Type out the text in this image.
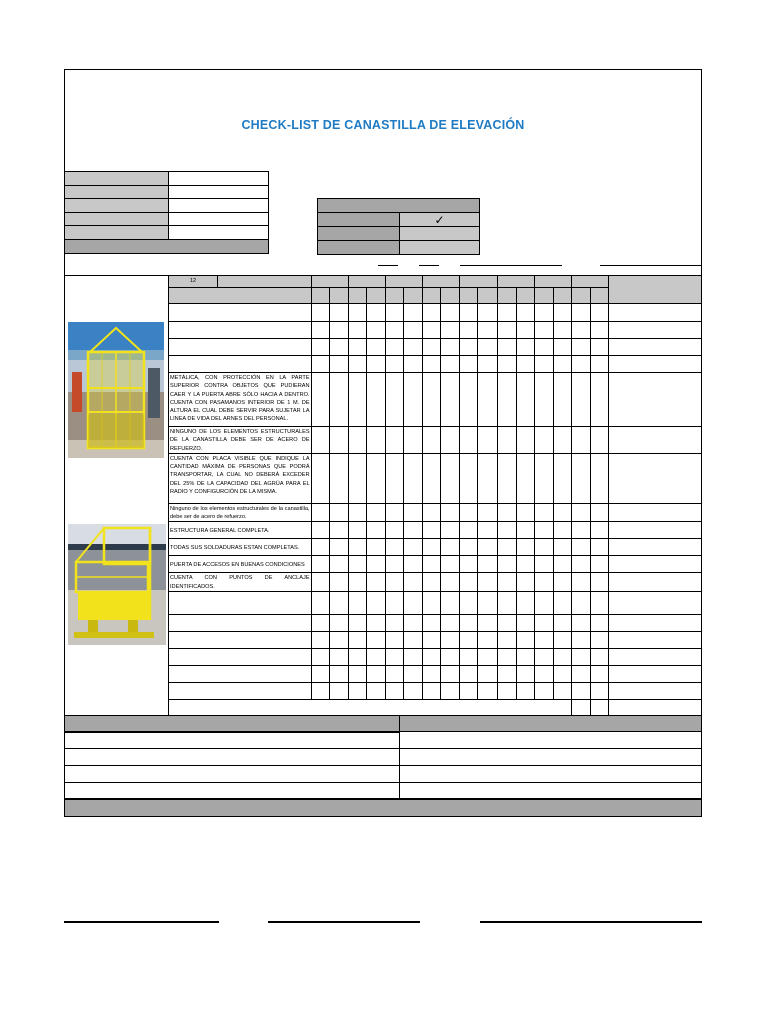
CHECK-LIST DE CANASTILLA DE ELEVACIÓN

	✓

12																	

METÁLICA, CON PROTECCIÓN EN LA PARTE SUPERIOR CONTRA OBJETOS QUE PUDIERAN CAER Y LA PUERTA ABRE SÓLO HACIA A DENTRO. CUENTA CON PASAMANOS INTERIOR DE 1 M. DE ALTURA EL CUAL DEBE SERVIR PARA SUJETAR LA LINEA DE VIDA DEL ARNES DEL PERSONAL.																	
NINGUNO DE LOS ELEMENTOS ESTRUCTURALES DE LA CANASTILLA DEBE SER DE ACERO DE REFUERZO.																	
CUENTA CON PLACA VISIBLE QUE INDIQUE LA CANTIDAD MÁXIMA DE PERSONAS QUE PODRÁ TRANSPORTAR, LA CUAL NO DEBERÁ EXCEDER DEL 25% DE LA CAPACIDAD DEL AGRÚA PARA EL RADIO Y CONFIGURCIÓN DE LA MISMA.																	
Ninguno de los elementos estructurales de la canastilla, debe ser de acero de refuerzo.																	
ESTRUCTURA GENERAL COMPLETA.																	
TODAS SUS SOLDADURAS ESTAN COMPLETAS.																	
PUERTA DE ACCESOS EN BUENAS CONDICIONES																	
CUENTA CON PUNTOS DE ANCLAJE IDENTIFICADOS.																	
